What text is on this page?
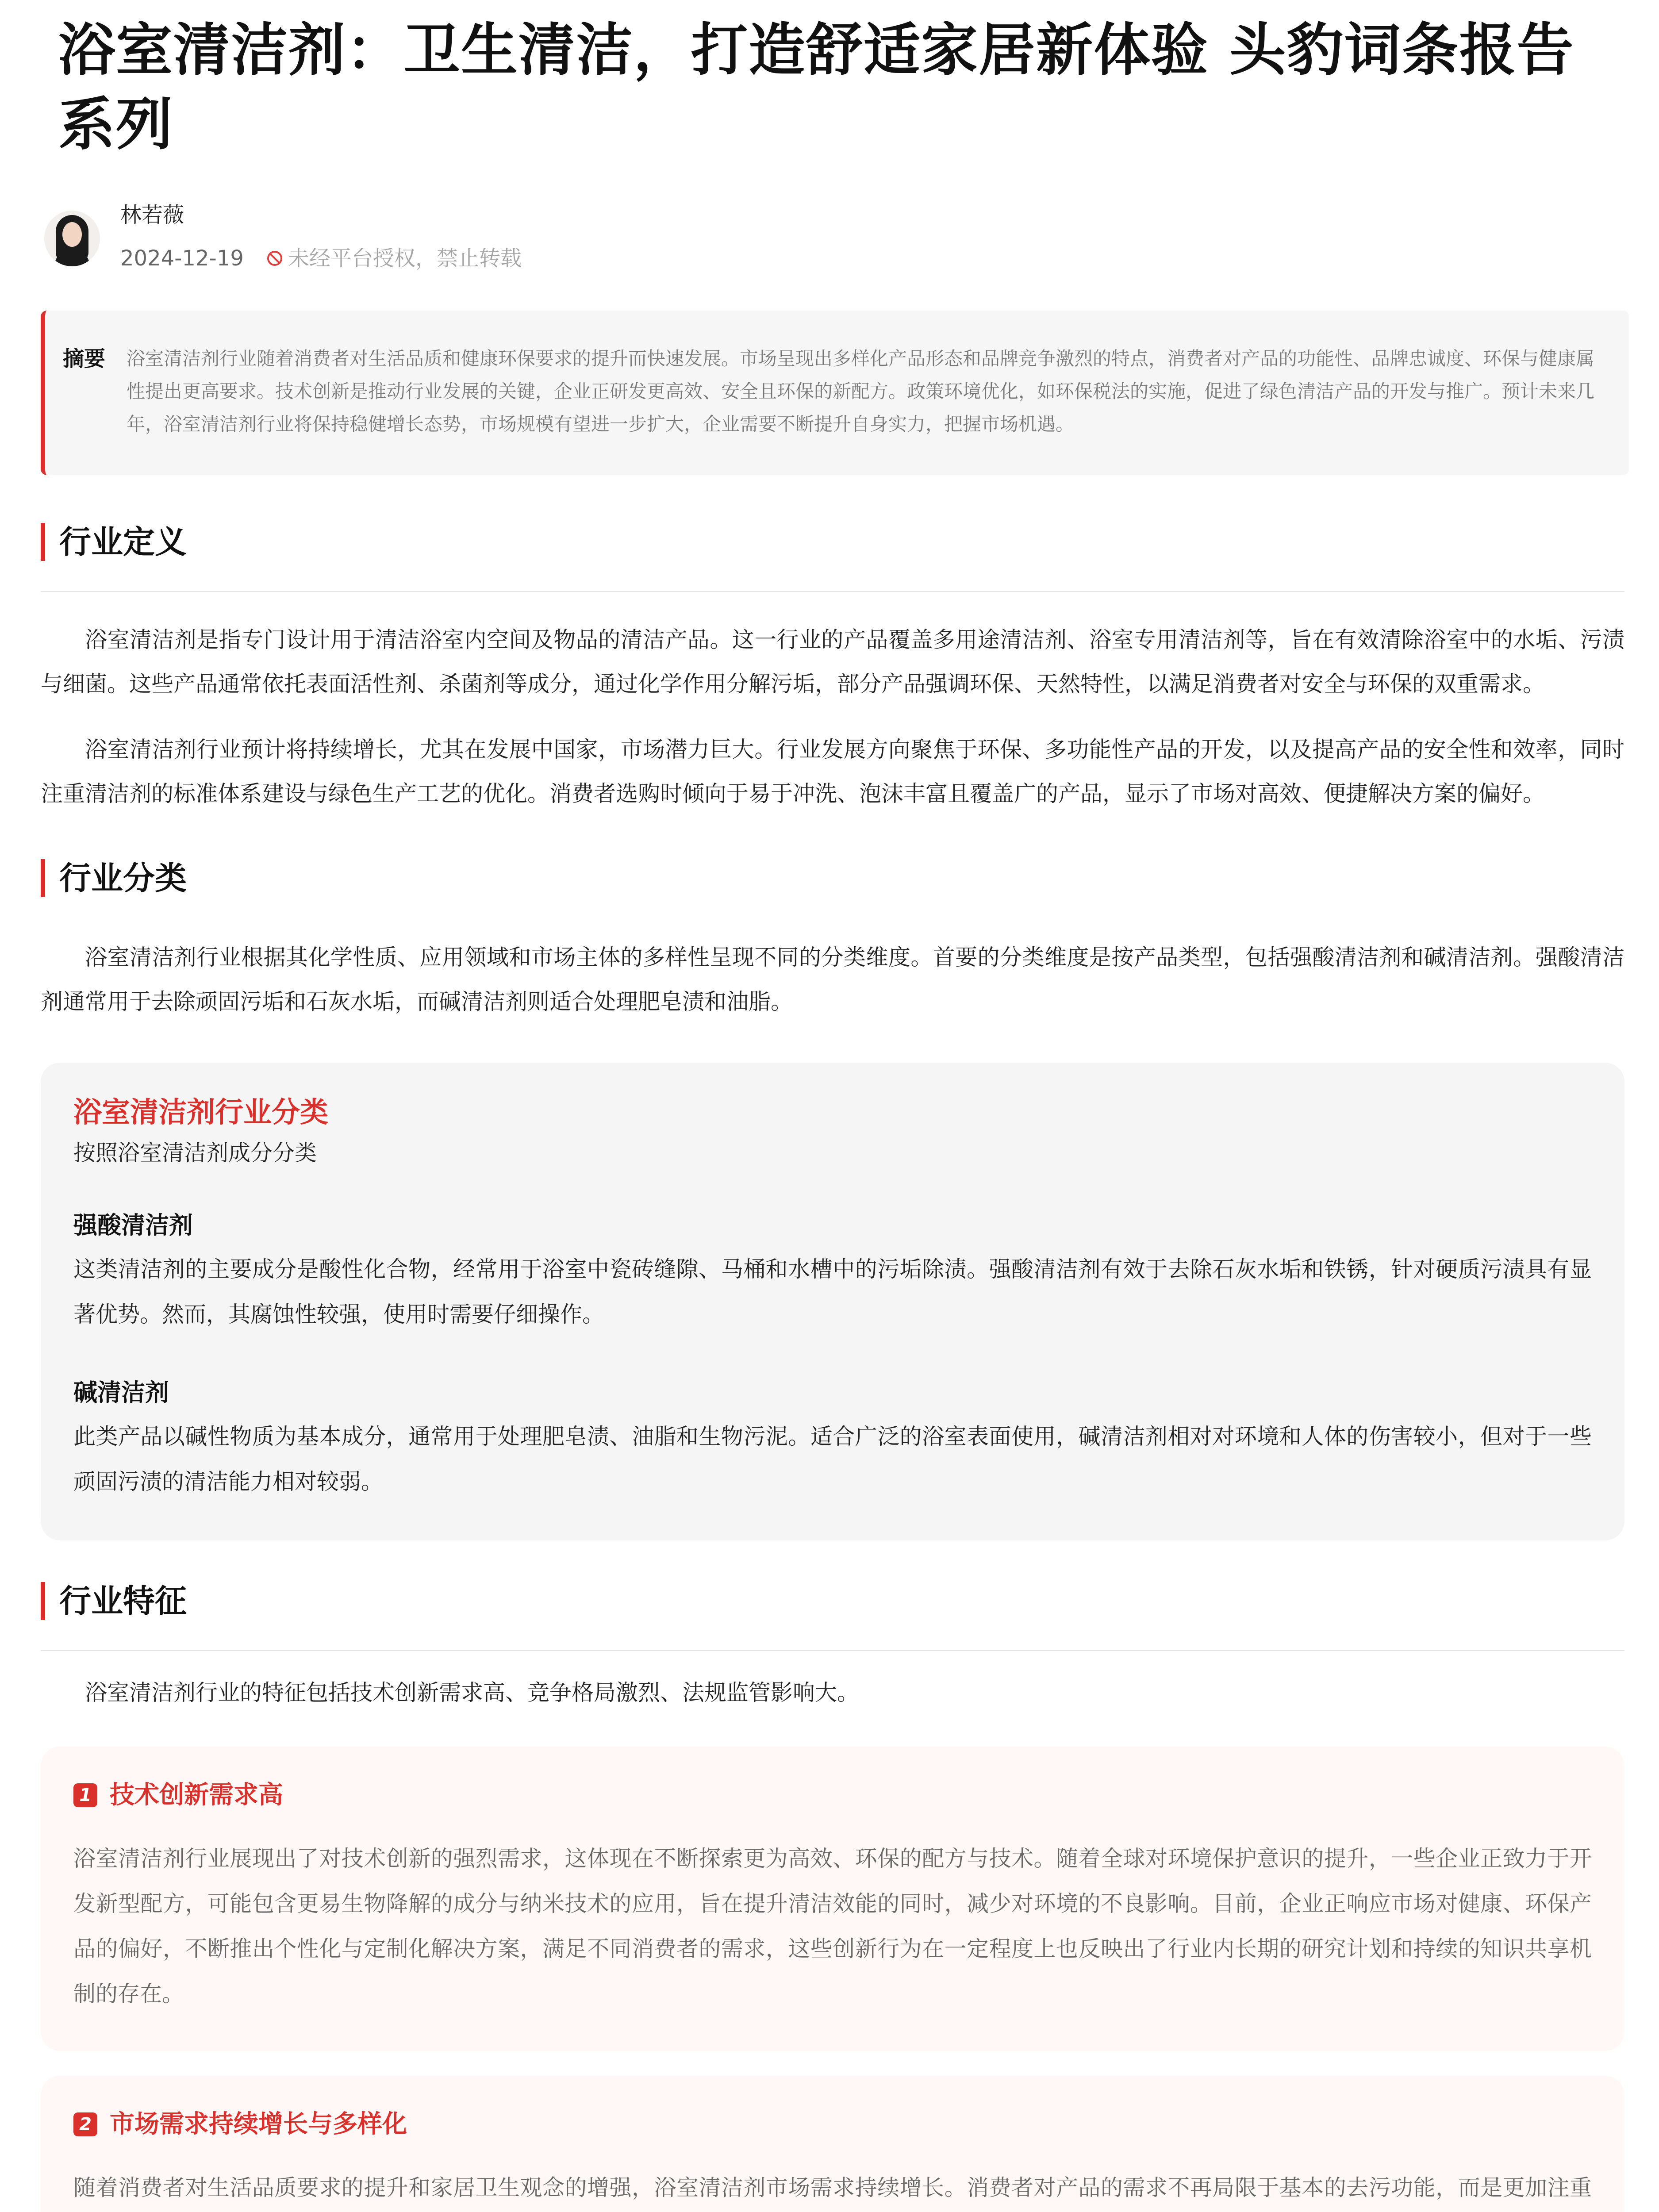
浴室清洁剂：卫生清洁，打造舒适家居新体验 头豹词条报告系列
林若薇
2024-12-19 未经平台授权，禁止转载
摘要 浴室清洁剂行业随着消费者对生活品质和健康环保要求的提升而快速发展。市场呈现出多样化产品形态和品牌竞争激烈的特点，消费者对产品的功能性、品牌忠诚度、环保与健康属性提出更高要求。技术创新是推动行业发展的关键，企业正研发更高效、安全且环保的新配方。政策环境优化，如环保税法的实施，促进了绿色清洁产品的开发与推广。预计未来几年，浴室清洁剂行业将保持稳健增长态势，市场规模有望进一步扩大，企业需要不断提升自身实力，把握市场机遇。
行业定义

浴室清洁剂是指专门设计用于清洁浴室内空间及物品的清洁产品。这一行业的产品覆盖多用途清洁剂、浴室专用清洁剂等，旨在有效清除浴室中的水垢、污渍与细菌。这些产品通常依托表面活性剂、杀菌剂等成分，通过化学作用分解污垢，部分产品强调环保、天然特性，以满足消费者对安全与环保的双重需求。

浴室清洁剂行业预计将持续增长，尤其在发展中国家，市场潜力巨大。行业发展方向聚焦于环保、多功能性产品的开发，以及提高产品的安全性和效率，同时注重清洁剂的标准体系建设与绿色生产工艺的优化。消费者选购时倾向于易于冲洗、泡沫丰富且覆盖广的产品，显示了市场对高效、便捷解决方案的偏好。

行业分类

浴室清洁剂行业根据其化学性质、应用领域和市场主体的多样性呈现不同的分类维度。首要的分类维度是按产品类型，包括强酸清洁剂和碱清洁剂。强酸清洁剂通常用于去除顽固污垢和石灰水垢，而碱清洁剂则适合处理肥皂渍和油脂。

浴室清洁剂行业分类
按照浴室清洁剂成分分类
强酸清洁剂
这类清洁剂的主要成分是酸性化合物，经常用于浴室中瓷砖缝隙、马桶和水槽中的污垢除渍。强酸清洁剂有效于去除石灰水垢和铁锈，针对硬质污渍具有显著优势。然而，其腐蚀性较强，使用时需要仔细操作。
碱清洁剂
此类产品以碱性物质为基本成分，通常用于处理肥皂渍、油脂和生物污泥。适合广泛的浴室表面使用，碱清洁剂相对对环境和人体的伤害较小，但对于一些顽固污渍的清洁能力相对较弱。
行业特征

浴室清洁剂行业的特征包括技术创新需求高、竞争格局激烈、法规监管影响大。

1 技术创新需求高
浴室清洁剂行业展现出了对技术创新的强烈需求，这体现在不断探索更为高效、环保的配方与技术。随着全球对环境保护意识的提升，一些企业正致力于开发新型配方，可能包含更易生物降解的成分与纳米技术的应用，旨在提升清洁效能的同时，减少对环境的不良影响。目前，企业正响应市场对健康、环保产品的偏好，不断推出个性化与定制化解决方案，满足不同消费者的需求，这些创新行为在一定程度上也反映出了行业内长期的研究计划和持续的知识共享机制的存在。
2 市场需求持续增长与多样化
随着消费者对生活品质要求的提升和家居卫生观念的增强，浴室清洁剂市场需求持续增长。消费者对产品的需求不再局限于基本的去污功能，而是更加注重
